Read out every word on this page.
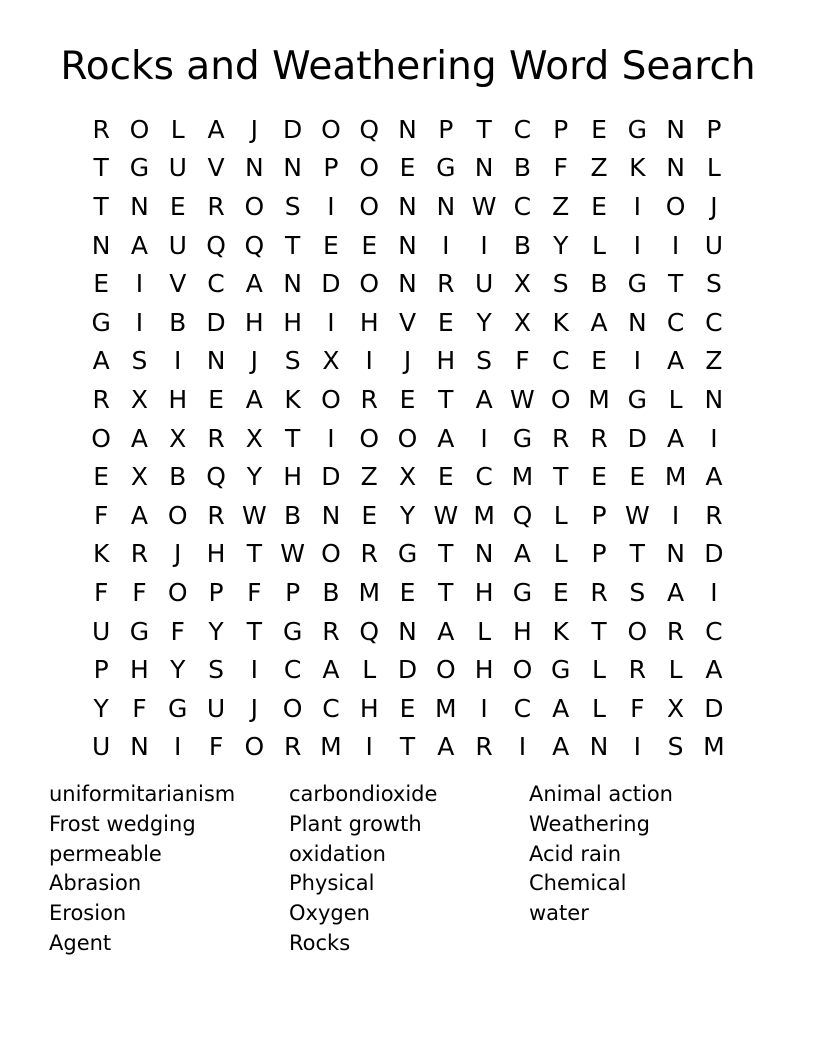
Rocks and Weathering Word Search
R O L A	J D O Q N P T C P E G N P
T G U V N N P O E G N B F Z K N L
T N E R O S	I O N N W C Z E	I O J
N A U Q Q T E E N	I	I	B Y L	I	I	U
E	I	V C A N D O N R U X S B G T S
G I	B D H H	I	H V E Y X K A N C C
A S	I	N	J	S X	I	J	H S F C E	I	A Z
R X H E A K O R E T A W O M G L N
O A X R X T	I O O A	I G R R D A	I
E X B Q Y H D Z X E C M T E E M A
F A O R W B N E Y W M Q L P W I	R
K R	J	H T W O R G T N A L P T N D
F F O P F P B M E T H G E R S A	I
U G F Y T G R Q N A L H K T O R C
P H Y S	I	C A L D O H O G L R L A
Y F G U	J O C H E M I	C A L F X D
U N	I	F O R M I	T A R	I	A N	I	S M
uniformitarianism
Frost wedging
permeable
Abrasion
Erosion
Agent
carbondioxide
Plant growth
oxidation
Physical
Oxygen
Rocks
Animal action
Weathering
Acid rain
Chemical
water
